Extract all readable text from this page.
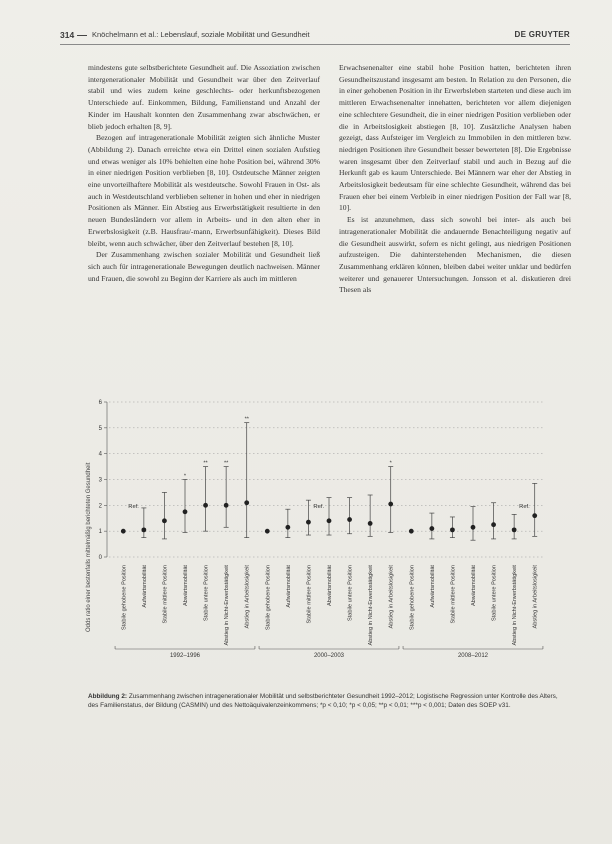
314 Knöchelmann et al.: Lebenslauf, soziale Mobilität und Gesundheit	DE GRUYTER

mindestens gute selbstberichtete Gesundheit auf. Die Assoziation zwischen intergenerationaler Mobilität und Gesundheit war über den Zeitverlauf stabil und wies zudem keine geschlechts- oder herkunftsbezogenen Unterschiede auf. Einkommen, Bildung, Familienstand und Anzahl der Kinder im Haushalt konnten den Zusammenhang zwar abschwächen, er blieb jedoch erhalten [8, 9].

Bezogen auf intragenerationale Mobilität zeigten sich ähnliche Muster (Abbildung 2). Danach erreichte etwa ein Drittel einen sozialen Aufstieg und etwas weniger als 10% behielten eine hohe Position bei, während 30% in einer niedrigen Position verblieben [8, 10]. Ostdeutsche Männer zeigten eine unvorteilhaftere Mobilität als westdeutsche. Sowohl Frauen in Ost- als auch in Westdeutschland verblieben seltener in hohen und eher in niedrigen Positionen als Männer. Ein Abstieg aus Erwerbstätigkeit resultierte in den neuen Bundesländern vor allem in Arbeits- und in den alten eher in Erwerbslosigkeit (z.B. Hausfrau/-mann, Erwerbsunfähigkeit). Dieses Bild bleibt, wenn auch schwächer, über den Zeitverlauf bestehen [8, 10].

Der Zusammenhang zwischen sozialer Mobilität und Gesundheit ließ sich auch für intragenerationale Bewegungen deutlich nachweisen. Männer und Frauen, die sowohl zu Beginn der Karriere als auch im mittleren

Erwachsenenalter eine stabil hohe Position hatten, berichteten ihren Gesundheitszustand insgesamt am besten. In Relation zu den Personen, die in einer gehobenen Position in ihr Erwerbsleben starteten und diese auch im mittleren Erwachsenenalter innehatten, berichteten vor allem diejenigen eine schlechtere Gesundheit, die in einer niedrigen Position verblieben oder die in Arbeitslosigkeit abstiegen [8, 10]. Zusätzliche Analysen haben gezeigt, dass Aufsteiger im Vergleich zu Immobilen in den mittleren bzw. niedrigen Positionen ihre Gesundheit besser bewerteten [8]. Die Ergebnisse waren insgesamt über den Zeitverlauf stabil und auch in Bezug auf die Herkunft gab es kaum Unterschiede. Bei Männern war eher der Abstieg in Arbeitslosigkeit bedeutsam für eine schlechte Gesundheit, während das bei Frauen eher bei einem Verbleib in einer niedrigen Position der Fall war [8, 10].

Es ist anzunehmen, dass sich sowohl bei inter- als auch bei intragenerationaler Mobilität die andauernde Benachteiligung negativ auf die Gesundheit auswirkt, sofern es nicht gelingt, aus niedrigen Positionen aufzusteigen. Die dahinterstehenden Mechanismen, die diesen Zusammenhang erklären können, bleiben dabei weiter unklar und bedürfen weiterer und genauerer Untersuchungen. Jonsson et al. diskutieren drei Thesen als

Odds ratio einer bestenfalls mittelmäßig berichteten Gesundheit 0
1
2
3
4
5
6
Stabile gehobene Position	Aufwärtsmobilität	Stabile mittlere Position
*
Abwärtsmobilität
**
Stabile untere Position
**
Abstieg in Nicht-Erwerbstätigkeit
**
Abstieg in Arbeitslosigkeit	Stabile gehobene Position	Aufwärtsmobilität	Stabile mittlere Position	Abwärtsmobilität	Stabile untere Position	Abstieg in Nicht-Erwerbstätigkeit
*
Abstieg in Arbeitslosigkeit	Stabile gehobene Position	Aufwärtsmobilität	Stabile mittlere Position	Abwärtsmobilität	Stabile untere Position	Abstieg in Nicht-Erwerbstätigkeit	Abstieg in Arbeitslosigkeit
Ref.	Ref.	Ref.
1992–1996	2000–2003	2008–2012
Abbildung 2: Zusammenhang zwischen intragenerationaler Mobilität und selbstberichteter Gesundheit 1992–2012; Logistische Regression unter Kontrolle des Alters, des Familienstatus, der Bildung (CASMIN) und des Nettoäquivalenzeinkommens; *p < 0,10; *p < 0,05; **p < 0,01; ***p < 0,001; Daten des SOEP v31.
